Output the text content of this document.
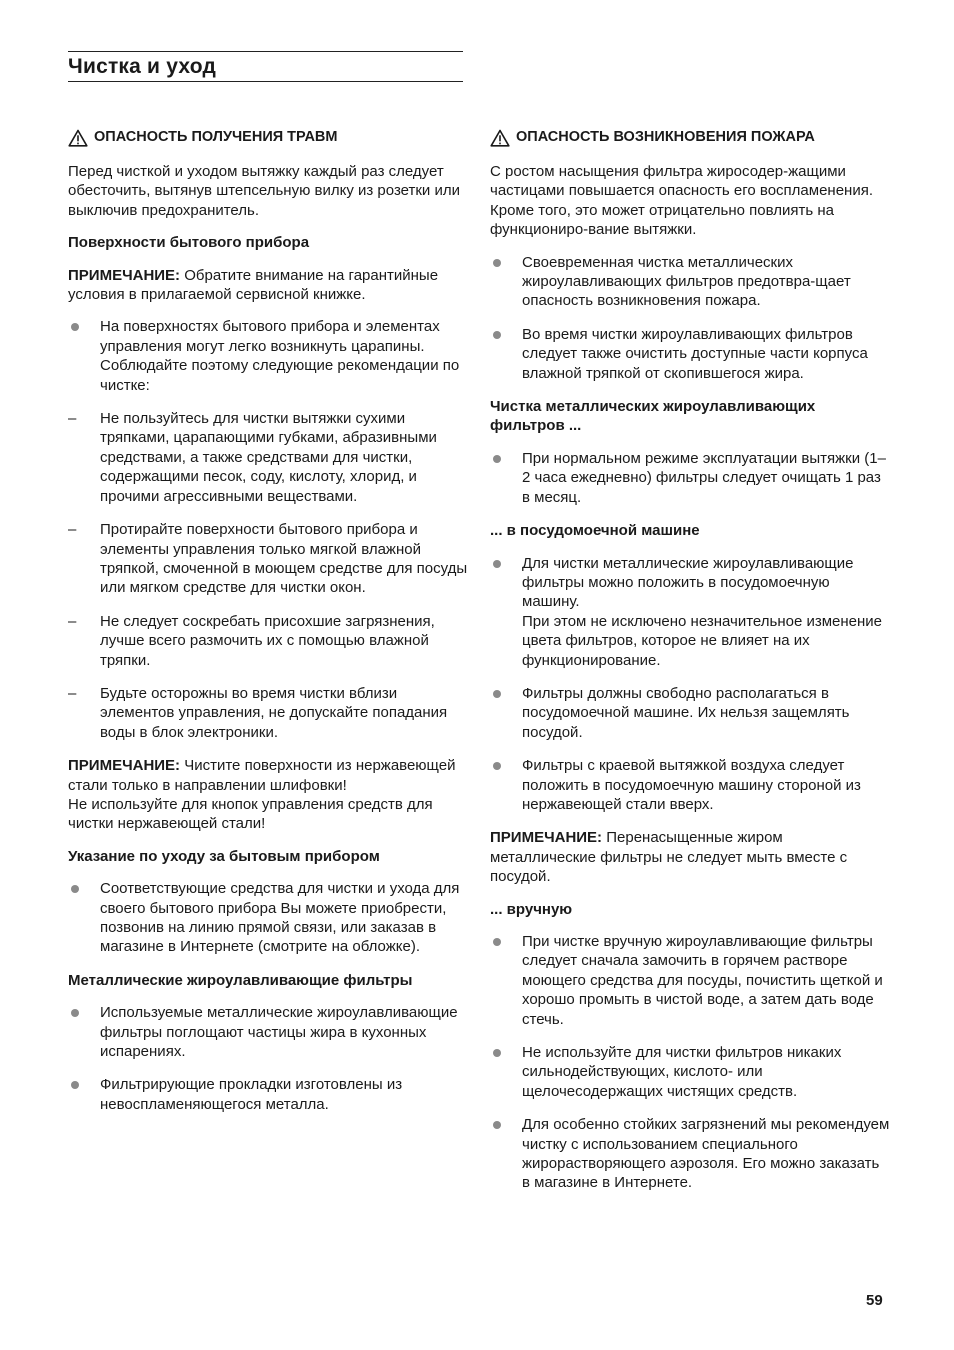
Чистка и уход
ОПАСНОСТЬ ПОЛУЧЕНИЯ ТРАВМ

Перед чисткой и уходом вытяжку каждый раз следует обесточить, вытянув штепсельную вилку из розетки или выключив предохранитель.

Поверхности бытового прибора

ПРИМЕЧАНИЕ: Обратите внимание на гарантийные условия в прилагаемой сервисной книжке.

На поверхностях бытового прибора и элементах управления могут легко возникнуть царапины. Соблюдайте поэтому следующие рекомендации по чистке:
–	Не пользуйтесь для чистки вытяжки сухими тряпками, царапающими губками, абразивными средствами, а также средствами для чистки, содержащими песок, соду, кислоту, хлорид, и прочими агрессивными веществами.
–	Протирайте поверхности бытового прибора и элементы управления только мягкой влажной тряпкой, смоченной в моющем средстве для посуды или мягком средстве для чистки окон.
–	Не следует соскребать присохшие загрязнения, лучше всего размочить их с помощью влажной тряпки.
–	Будьте осторожны во время чистки вблизи элементов управления, не допускайте попадания воды в блок электроники.

ПРИМЕЧАНИЕ: Чистите поверхности из нержавеющей стали только в направлении шлифовки!
Не используйте для кнопок управления средств для чистки нержавеющей стали!

Указание по уходу за бытовым прибором
Соответствующие средства для чистки и ухода для своего бытового прибора Вы можете приобрести, позвонив на линию прямой связи, или заказав в магазине в Интернете (смотрите на обложке).
Металлические жироулавливающие фильтры
Используемые металлические жироулавливающие фильтры поглощают частицы жира в кухонных испарениях.
Фильтрирующие прокладки изготовлены из невоспламеняющегося металла.
ОПАСНОСТЬ ВОЗНИКНОВЕНИЯ ПОЖАРА

С ростом насыщения фильтра жиросодер-жащими частицами повышается опасность его воспламенения. Кроме того, это может отрицательно повлиять на функциониро-вание вытяжки.

Своевременная чистка металлических жироулавливающих фильтров предотвра-щает опасность возникновения пожара.
Во время чистки жироулавливающих фильтров следует также очистить доступные части корпуса влажной тряпкой от скопившегося жира.
Чистка металлических жироулавливающих фильтров ...
При нормальном режиме эксплуатации вытяжки (1–2 часа ежедневно) фильтры следует очищать 1 раз в месяц.
... в посудомоечной машине
Для чистки металлические жироулавливающие фильтры можно положить в посудомоечную машину.
При этом не исключено незначительное изменение цвета фильтров, которое не влияет на их функционирование.
Фильтры должны свободно располагаться в посудомоечной машине. Их нельзя защемлять посудой.
Фильтры с краевой вытяжкой воздуха следует положить в посудомоечную машину стороной из нержавеющей стали вверх.

ПРИМЕЧАНИЕ: Перенасыщенные жиром металлические фильтры не следует мыть вместе с посудой.

... вручную
При чистке вручную жироулавливающие фильтры следует сначала замочить в горячем растворе моющего средства для посуды, почистить щеткой и хорошо промыть в чистой воде, а затем дать воде стечь.
Не используйте для чистки фильтров никаких сильнодействующих, кислото- или щелочесодержащих чистящих средств.
Для особенно стойких загрязнений мы рекомендуем чистку с использованием специального жирорастворяющего аэрозоля. Его можно заказать в магазине в Интернете.
59
